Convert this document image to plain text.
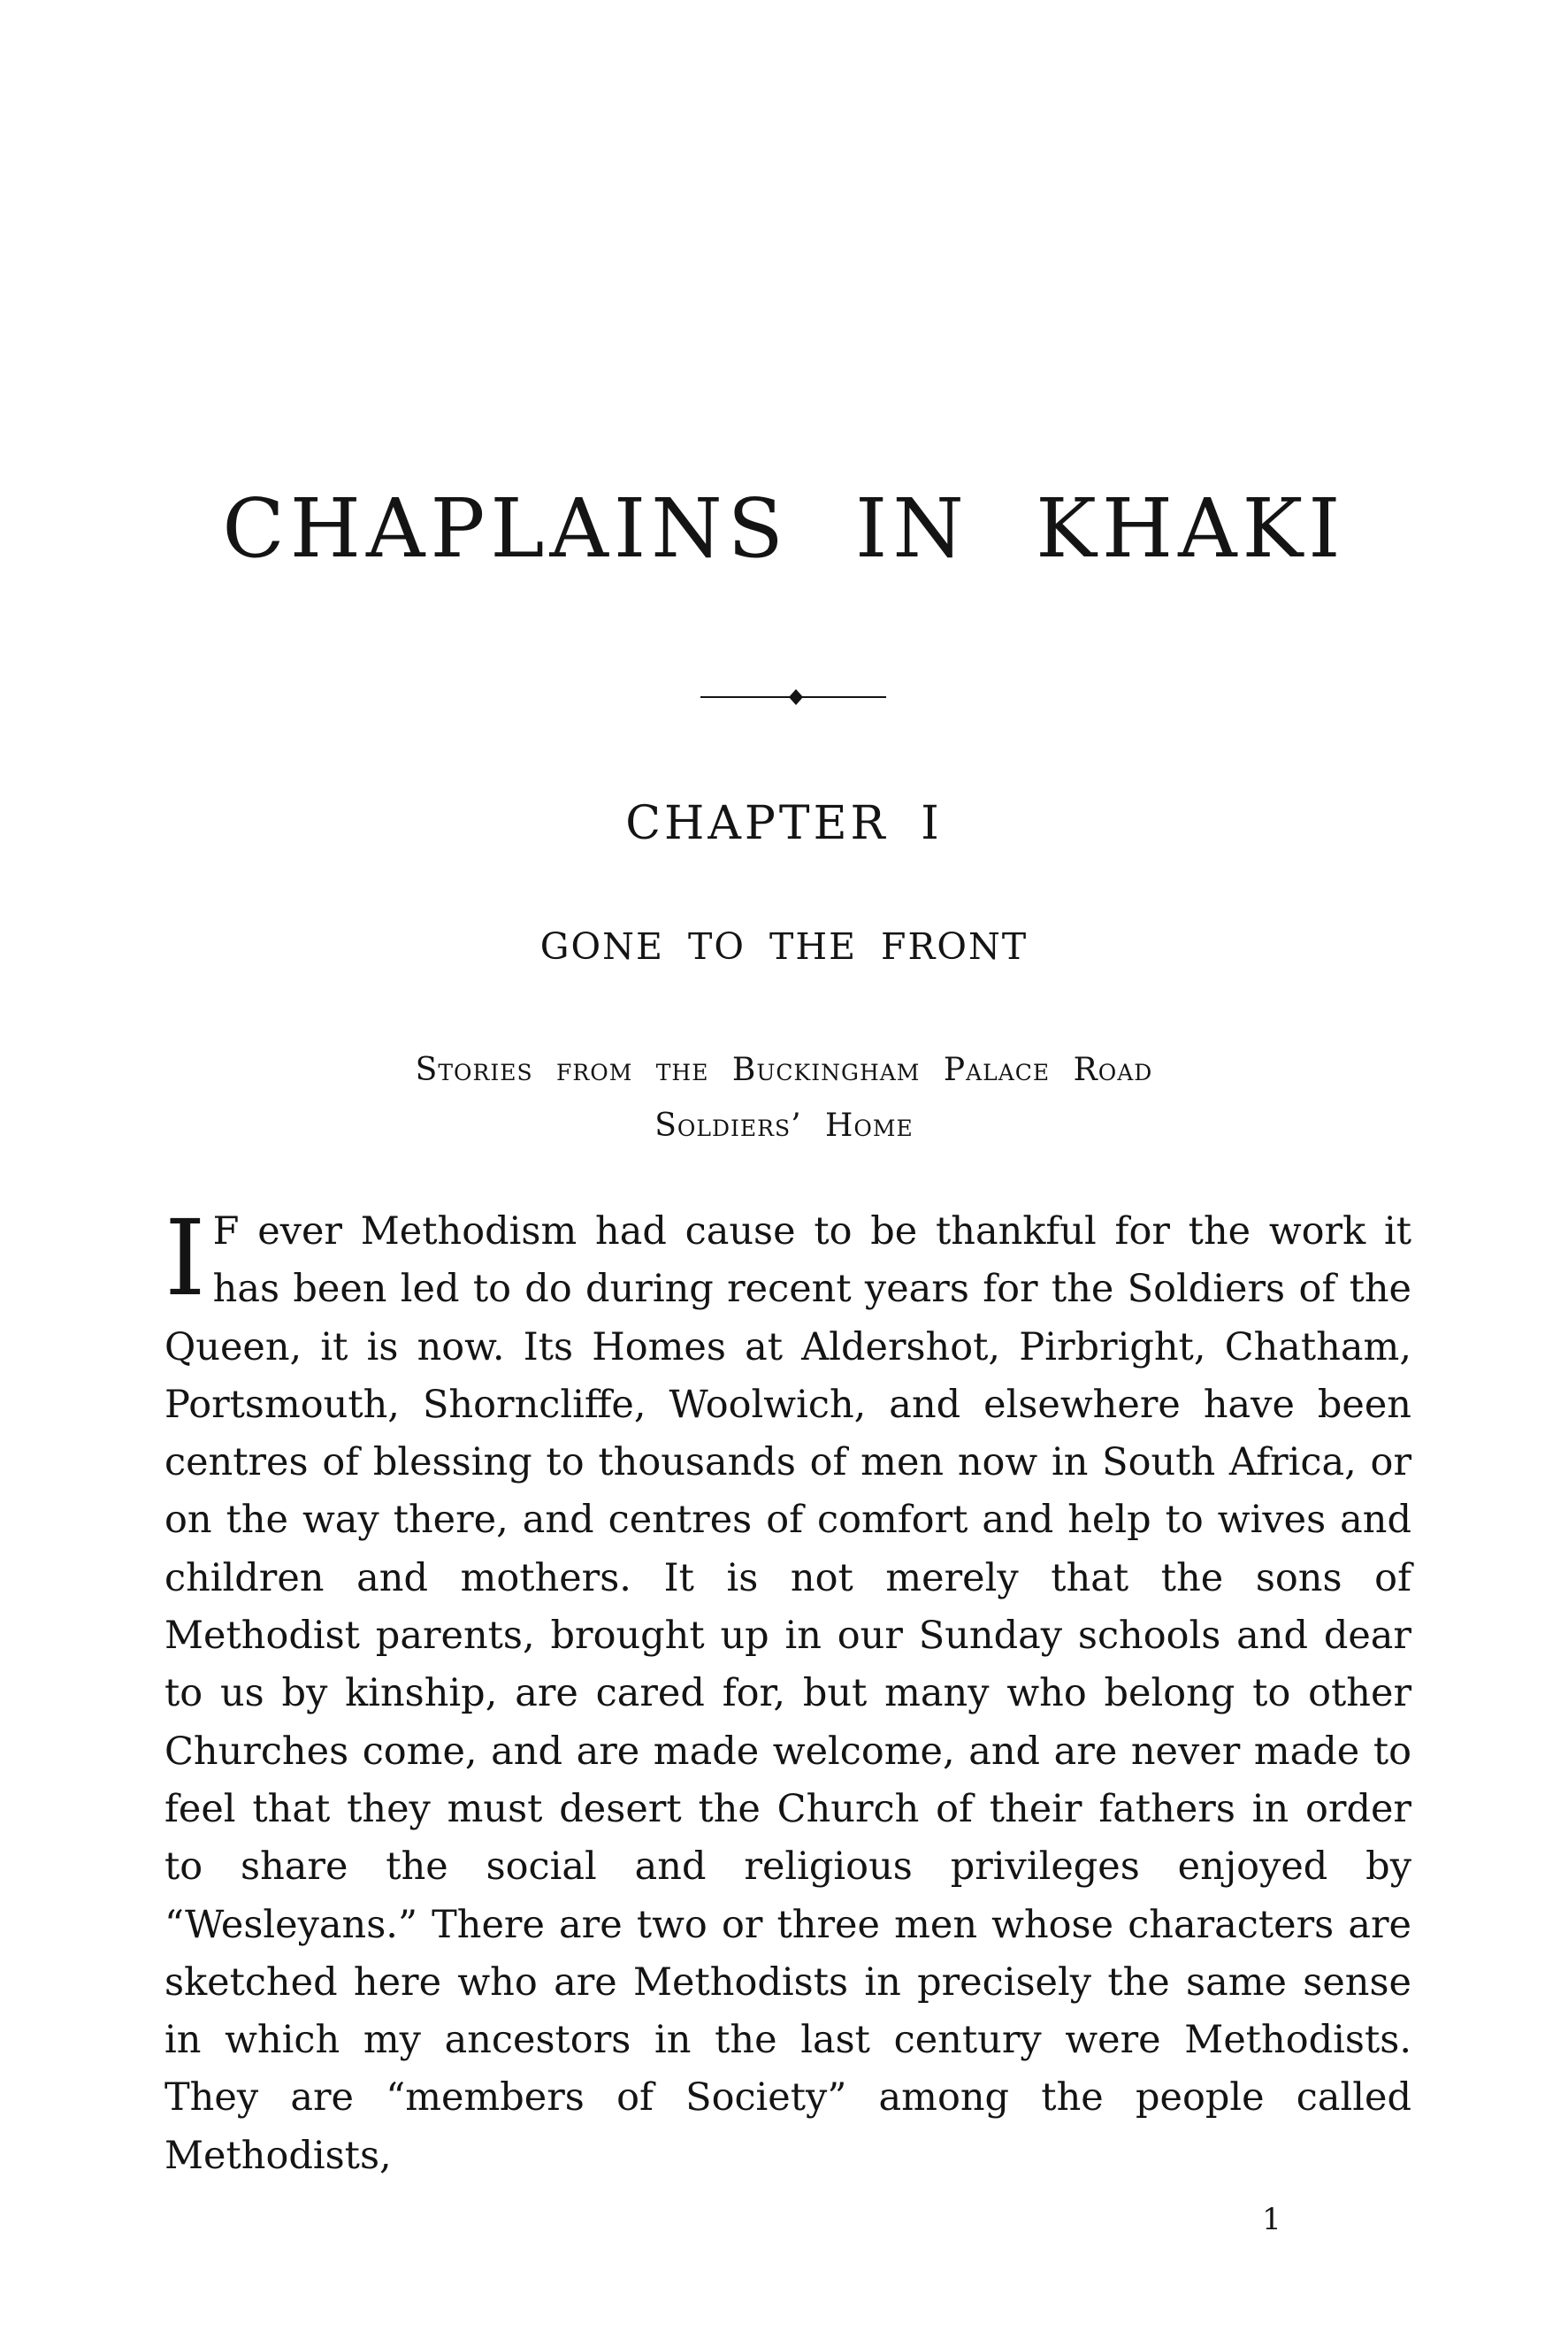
CHAPLAINS IN KHAKI
CHAPTER I
GONE TO THE FRONT
Stories from the Buckingham Palace Road
Soldiers’ Home

I F ever Methodism had cause to be thankful for the work it has been led to do during recent years for the Soldiers of the Queen, it is now. Its Homes at Aldershot, Pirbright, Chatham, Portsmouth, Shorncliffe, Woolwich, and elsewhere have been centres of blessing to thousands of men now in South Africa, or on the way there, and centres of comfort and help to wives and children and mothers. It is not merely that the sons of Methodist parents, brought up in our Sunday schools and dear to us by kinship, are cared for, but many who belong to other Churches come, and are made welcome, and are never made to feel that they must desert the Church of their fathers in order to share the social and religious privileges enjoyed by “Wesleyans.” There are two or three men whose characters are sketched here who are Methodists in precisely the same sense in which my ancestors in the last century were Methodists. They are “members of Society” among the people called Methodists,

1
